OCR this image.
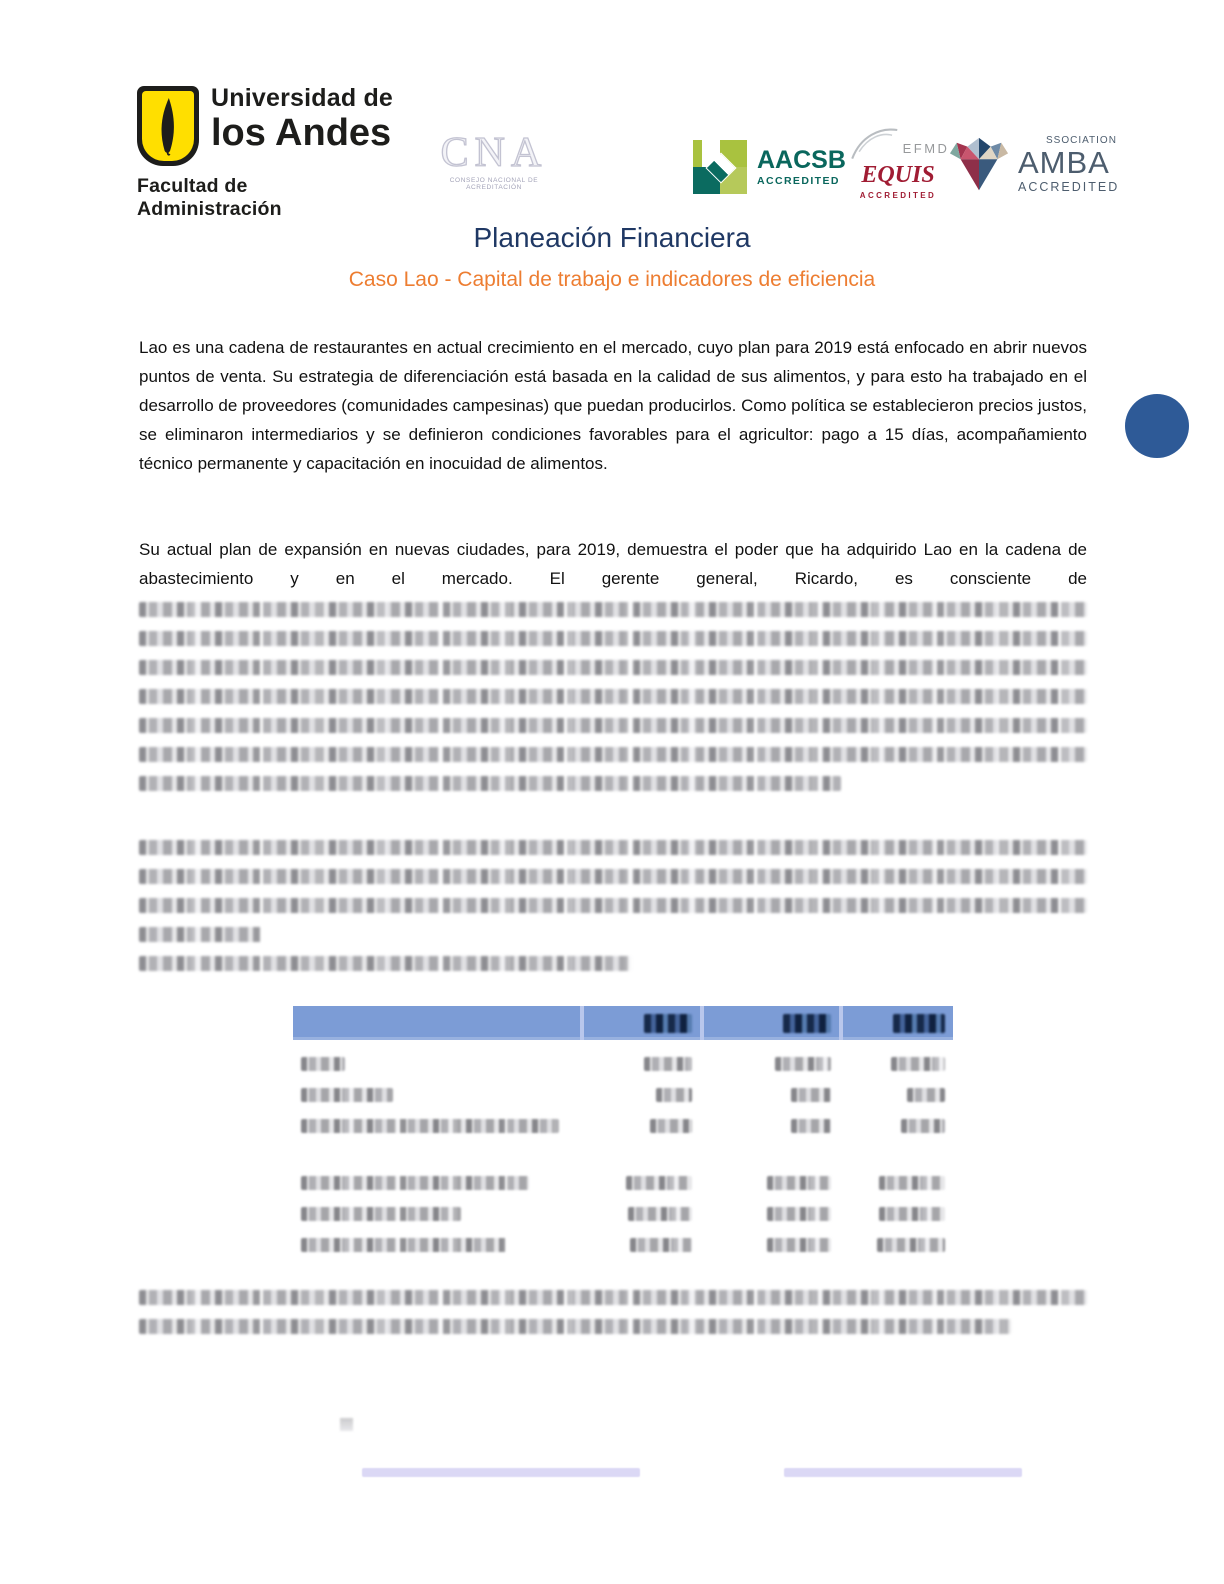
Universidad de
los Andes
Facultad de Administración
CNA
CONSEJO NACIONAL DE ACREDITACIÓN
AACSB
ACCREDITED
EFMD
EQUIS
ACCREDITED
SSOCIATION
AMBA
ACCREDITED
Planeación Financiera
Caso Lao - Capital de trabajo e indicadores de eficiencia
Lao es una cadena de restaurantes en actual crecimiento en el mercado, cuyo plan para 2019 está enfocado en abrir nuevos puntos de venta. Su estrategia de diferenciación está basada en la calidad de sus alimentos, y para esto ha trabajado en el desarrollo de proveedores (comunidades campesinas) que puedan producirlos. Como política se establecieron precios justos, se eliminaron intermediarios y se definieron condiciones favorables para el agricultor: pago a 15 días, acompañamiento técnico permanente y capacitación en inocuidad de alimentos.
Su actual plan de expansión en nuevas ciudades, para 2019, demuestra el poder que ha adquirido Lao en la cadena de abastecimiento y en el mercado. El gerente general, Ricardo, es consciente de
